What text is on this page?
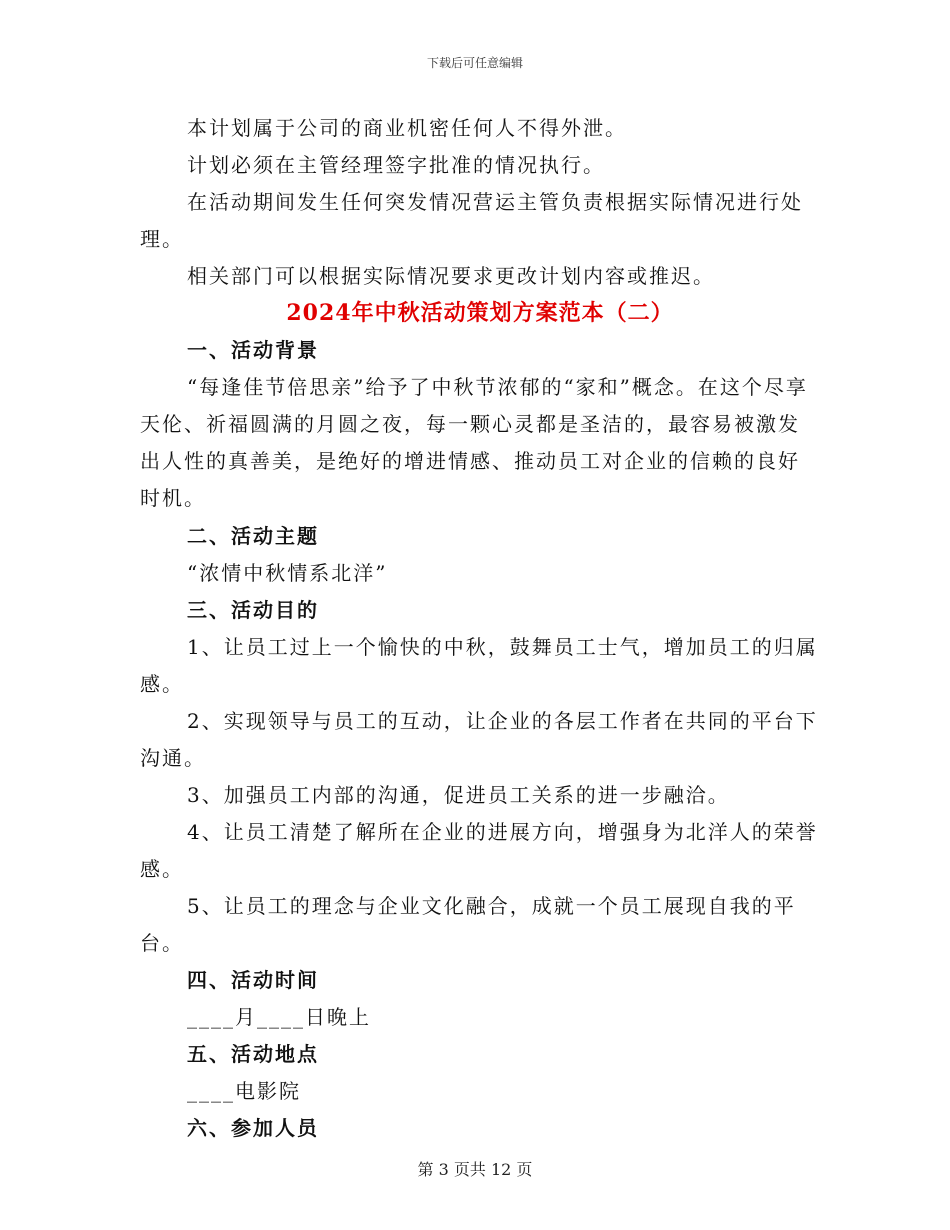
下载后可任意编辑

本计划属于公司的商业机密任何人不得外泄。

计划必须在主管经理签字批准的情况执行。

在活动期间发生任何突发情况营运主管负责根据实际情况进行处理。

相关部门可以根据实际情况要求更改计划内容或推迟。

2024年中秋活动策划方案范本（二）

一、活动背景

“每逢佳节倍思亲”给予了中秋节浓郁的“家和”概念。在这个尽享天伦、祈福圆满的月圆之夜，每一颗心灵都是圣洁的，最容易被激发出人性的真善美，是绝好的增进情感、推动员工对企业的信赖的良好时机。

二、活动主题

“浓情中秋情系北洋”

三、活动目的

1、让员工过上一个愉快的中秋，鼓舞员工士气，增加员工的归属感。

2、实现领导与员工的互动，让企业的各层工作者在共同的平台下沟通。

3、加强员工内部的沟通，促进员工关系的进一步融洽。

4、让员工清楚了解所在企业的进展方向，增强身为北洋人的荣誉感。

5、让员工的理念与企业文化融合，成就一个员工展现自我的平台。

四、活动时间

____月____日晚上

五、活动地点

____电影院

六、参加人员

第 3 页共 12 页
